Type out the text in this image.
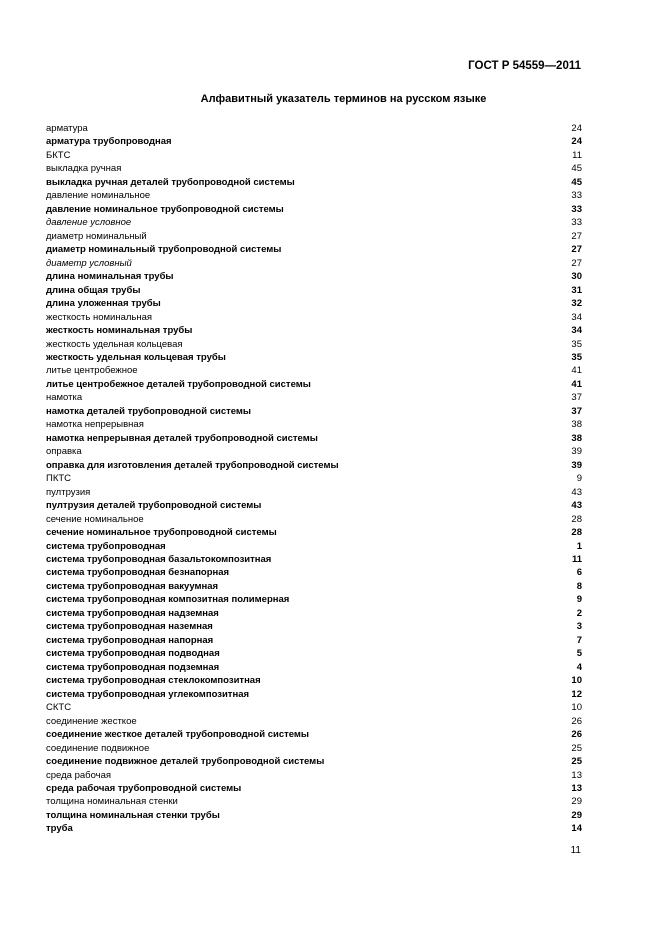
ГОСТ Р 54559—2011
Алфавитный указатель терминов на русском языке
арматура	24
арматура трубопроводная	24
БКТС	11
выкладка ручная	45
выкладка ручная деталей трубопроводной системы	45
давление номинальное	33
давление номинальное трубопроводной системы	33
давление условное	33
диаметр номинальный	27
диаметр номинальный трубопроводной системы	27
диаметр условный	27
длина номинальная трубы	30
длина общая трубы	31
длина уложенная трубы	32
жесткость номинальная	34
жесткость номинальная трубы	34
жесткость удельная кольцевая	35
жесткость удельная кольцевая трубы	35
литье центробежное	41
литье центробежное деталей трубопроводной системы	41
намотка	37
намотка деталей трубопроводной системы	37
намотка непрерывная	38
намотка непрерывная деталей трубопроводной системы	38
оправка	39
оправка для изготовления деталей трубопроводной системы	39
ПКТС	9
пултрузия	43
пултрузия деталей трубопроводной системы	43
сечение номинальное	28
сечение номинальное трубопроводной системы	28
система трубопроводная	1
система трубопроводная базальтокомпозитная	11
система трубопроводная безнапорная	6
система трубопроводная вакуумная	8
система трубопроводная композитная полимерная	9
система трубопроводная надземная	2
система трубопроводная наземная	3
система трубопроводная напорная	7
система трубопроводная подводная	5
система трубопроводная подземная	4
система трубопроводная стеклокомпозитная	10
система трубопроводная углекомпозитная	12
СКТС	10
соединение жесткое	26
соединение жесткое деталей трубопроводной системы	26
соединение подвижное	25
соединение подвижное деталей трубопроводной системы	25
среда рабочая	13
среда рабочая трубопроводной системы	13
толщина номинальная стенки	29
толщина номинальная стенки трубы	29
труба	14
11
